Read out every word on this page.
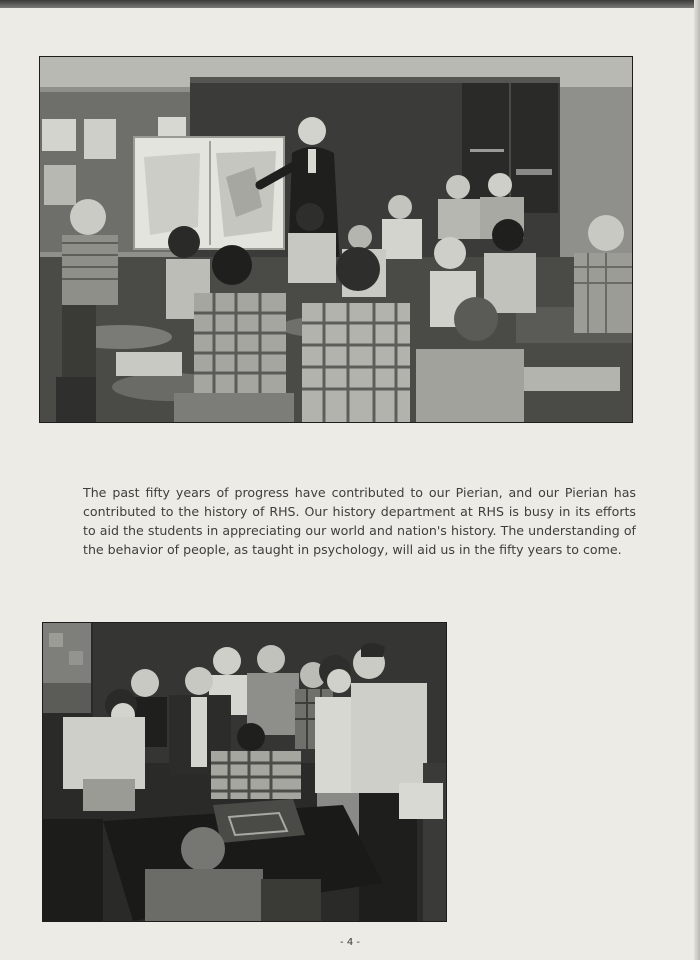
The past fifty years of progress have contributed to our Pierian, and our Pierian has contributed to the history of RHS. Our history department at RHS is busy in its efforts to aid the students in appreciating our world and nation's history. The understanding of the behavior of people, as taught in psychology, will aid us in the fifty years to come.

- 4 -
